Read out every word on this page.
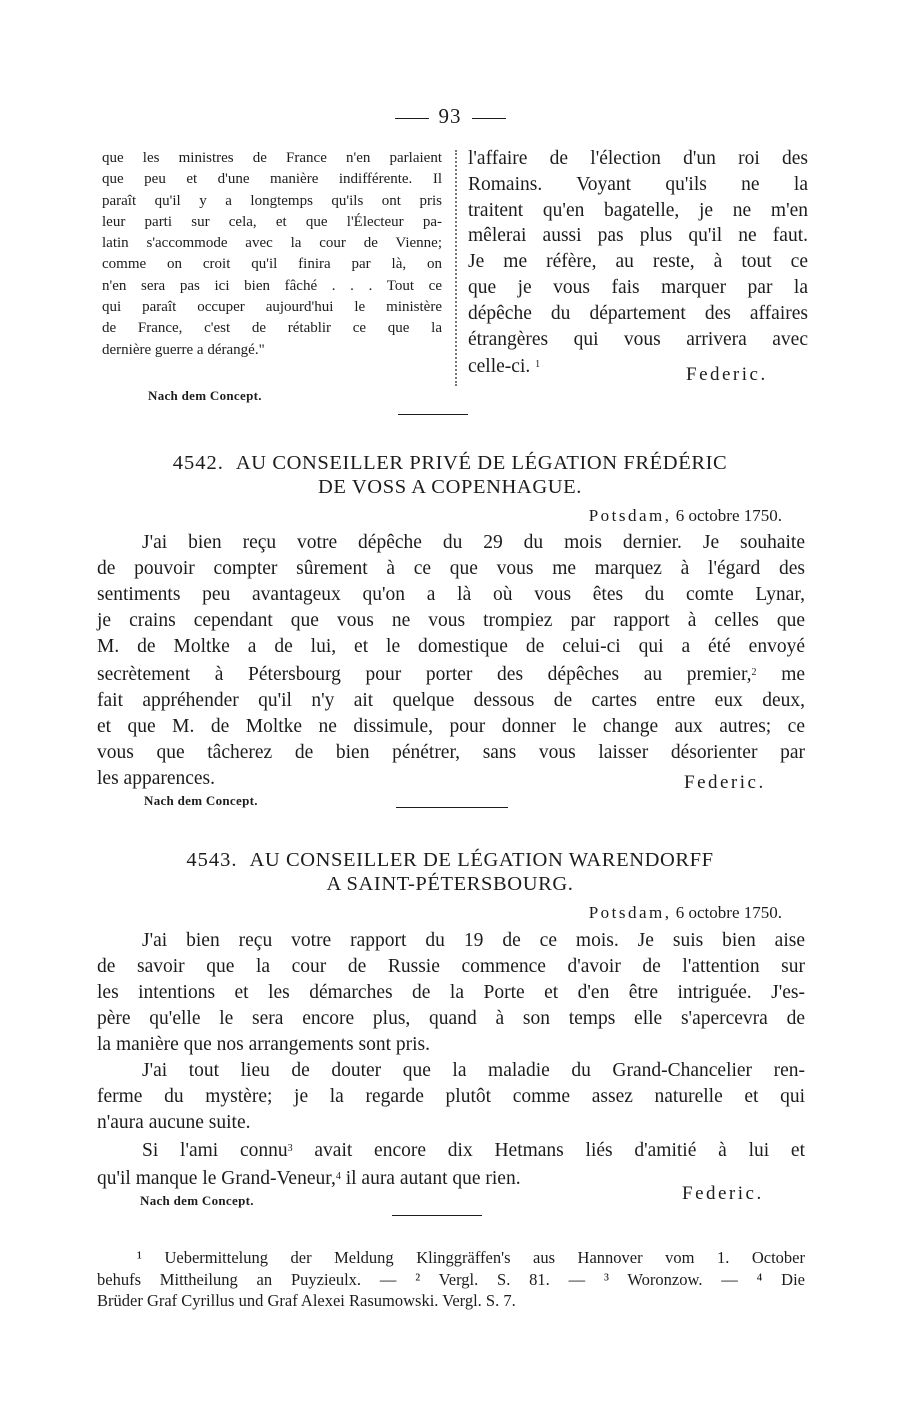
93
que les ministres de France n'en parlaient
que peu et d'une manière indifférente. Il
paraît qu'il y a longtemps qu'ils ont pris
leur parti sur cela, et que l'Électeur pa-
latin s'accommode avec la cour de Vienne;
comme on croit qu'il finira par là, on
n'en sera pas ici bien fâché . . . Tout ce
qui paraît occuper aujourd'hui le ministère
de France, c'est de rétablir ce que la
dernière guerre a dérangé."
Nach dem Concept.
l'affaire de l'élection d'un roi des
Romains. Voyant qu'ils ne la
traitent qu'en bagatelle, je ne m'en
mêlerai aussi pas plus qu'il ne faut.
Je me réfère, au reste, à tout ce
que je vous fais marquer par la
dépêche du département des affaires
étrangères qui vous arrivera avec
celle-ci. $^1$	Federic.
4542. AU CONSEILLER PRIVÉ DE LÉGATION FRÉDÉRIC
DE VOSS A COPENHAGUE.
Potsdam, 6 octobre 1750.
J'ai bien reçu votre dépêche du 29 du mois dernier. Je souhaite
de pouvoir compter sûrement à ce que vous me marquez à l'égard des
sentiments peu avantageux qu'on a là où vous êtes du comte Lynar,
je crains cependant que vous ne vous trompiez par rapport à celles que
M. de Moltke a de lui, et le domestique de celui-ci qui a été envoyé
secrètement à Pétersbourg pour porter des dépêches au premier,$^2$ me
fait appréhender qu'il n'y ait quelque dessous de cartes entre eux deux,
et que M. de Moltke ne dissimule, pour donner le change aux autres; ce
vous que tâcherez de bien pénétrer, sans vous laisser désorienter par
les apparences.	Federic.
Nach dem Concept.
4543. AU CONSEILLER DE LÉGATION WARENDORFF
A SAINT-PÉTERSBOURG.
Potsdam, 6 octobre 1750.
J'ai bien reçu votre rapport du 19 de ce mois. Je suis bien aise
de savoir que la cour de Russie commence d'avoir de l'attention sur
les intentions et les démarches de la Porte et d'en être intriguée. J'es-
père qu'elle le sera encore plus, quand à son temps elle s'apercevra de
la manière que nos arrangements sont pris.
J'ai tout lieu de douter que la maladie du Grand-Chancelier ren-
ferme du mystère; je la regarde plutôt comme assez naturelle et qui
n'aura aucune suite.
Si l'ami connu$^3$ avait encore dix Hetmans liés d'amitié à lui et
qu'il manque le Grand-Veneur,$^4$ il aura autant que rien.
Federic.
Nach dem Concept.
¹ Uebermittelung der Meldung Klinggräffen's aus Hannover vom 1. October
behufs Mittheilung an Puyzieulx. — ² Vergl. S. 81. — ³ Woronzow. — ⁴ Die
Brüder Graf Cyrillus und Graf Alexei Rasumowski. Vergl. S. 7.
